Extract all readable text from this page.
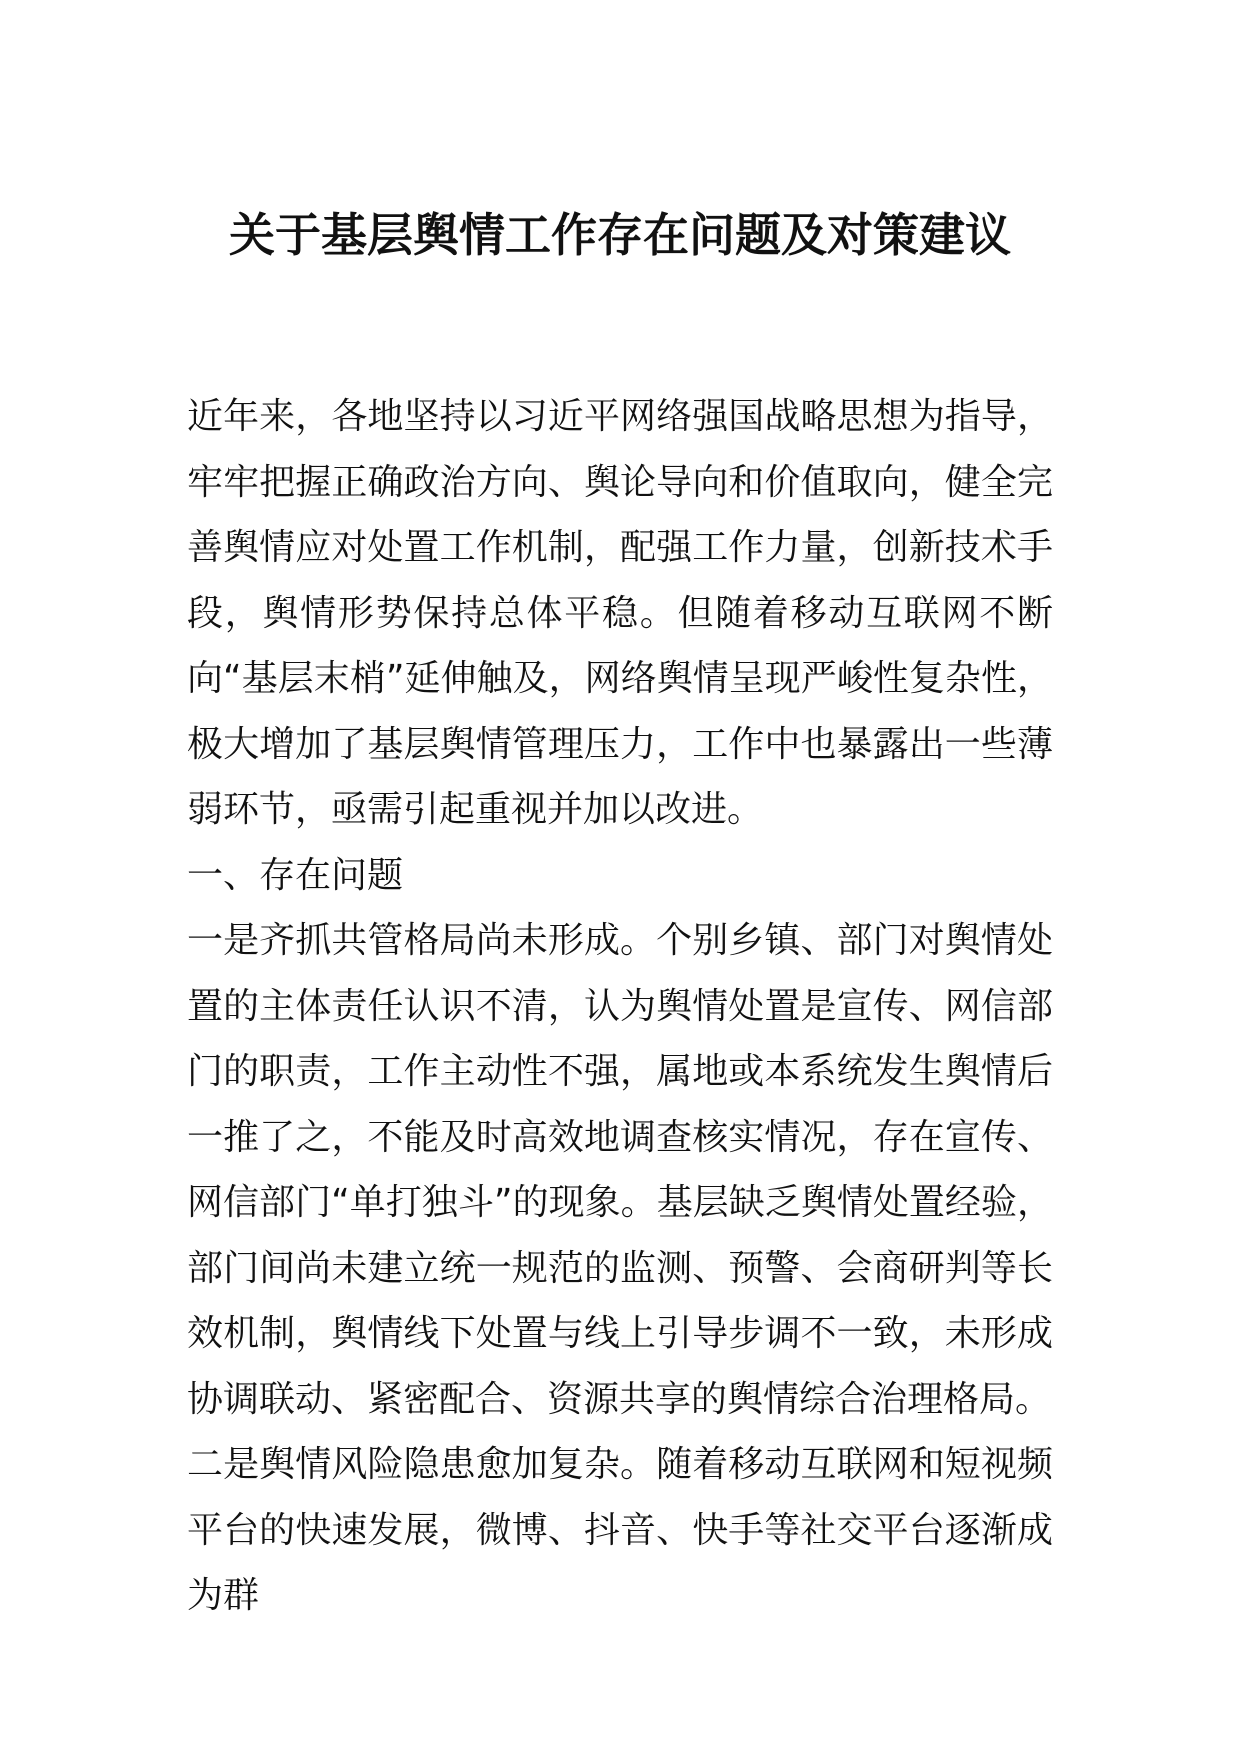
关于基层舆情工作存在问题及对策建议

近年来，各地坚持以习近平网络强国战略思想为指导，牢牢把握正确政治方向、舆论导向和价值取向，健全完善舆情应对处置工作机制，配强工作力量，创新技术手段，舆情形势保持总体平稳。但随着移动互联网不断向“基层末梢”延伸触及，网络舆情呈现严峻性复杂性，极大增加了基层舆情管理压力，工作中也暴露出一些薄弱环节，亟需引起重视并加以改进。

一、存在问题

一是齐抓共管格局尚未形成。个别乡镇、部门对舆情处置的主体责任认识不清，认为舆情处置是宣传、网信部门的职责，工作主动性不强，属地或本系统发生舆情后一推了之，不能及时高效地调查核实情况，存在宣传、网信部门“单打独斗”的现象。基层缺乏舆情处置经验，部门间尚未建立统一规范的监测、预警、会商研判等长效机制，舆情线下处置与线上引导步调不一致，未形成协调联动、紧密配合、资源共享的舆情综合治理格局。

二是舆情风险隐患愈加复杂。随着移动互联网和短视频平台的快速发展，微博、抖音、快手等社交平台逐渐成为群
